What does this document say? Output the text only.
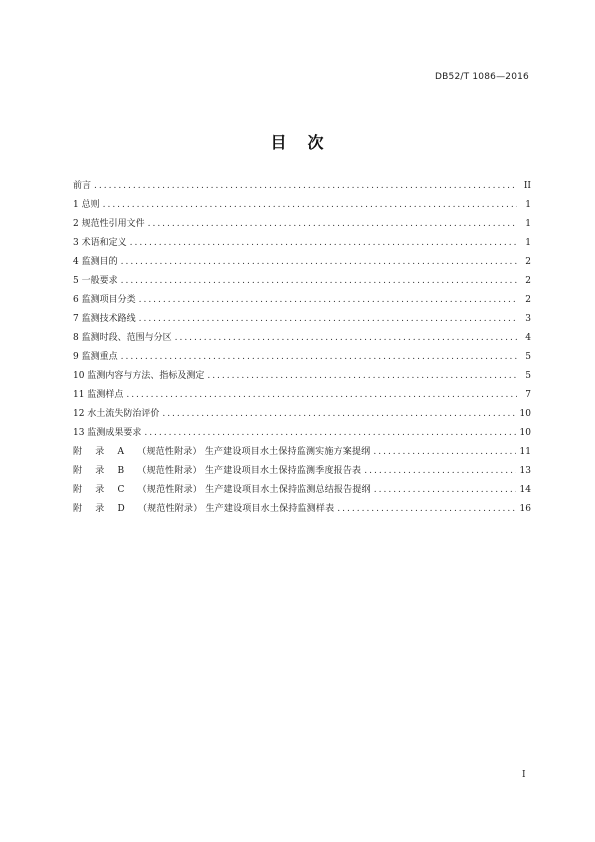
DB52/T 1086—2016
目 次
前言 .....	II
1 总则 .....	1
2 规范性引用文件 .....	1
3 术语和定义 .....	1
4 监测目的 .....	2
5 一般要求 .....	2
6 监测项目分类 .....	2
7 监测技术路线 .....	3
8 监测时段、范围与分区 .....	4
9 监测重点 .....	5
10 监测内容与方法、指标及测定 .....	5
11 监测样点 .....	7
12 水土流失防治评价 .....	10
13 监测成果要求 .....	10
附 录 A （规范性附录） 生产建设项目水土保持监测实施方案提纲 .....	11
附 录 B （规范性附录） 生产建设项目水土保持监测季度报告表 .....	13
附 录 C （规范性附录） 生产建设项目水土保持监测总结报告提纲 .....	14
附 录 D （规范性附录） 生产建设项目水土保持监测样表 .....	16
I
